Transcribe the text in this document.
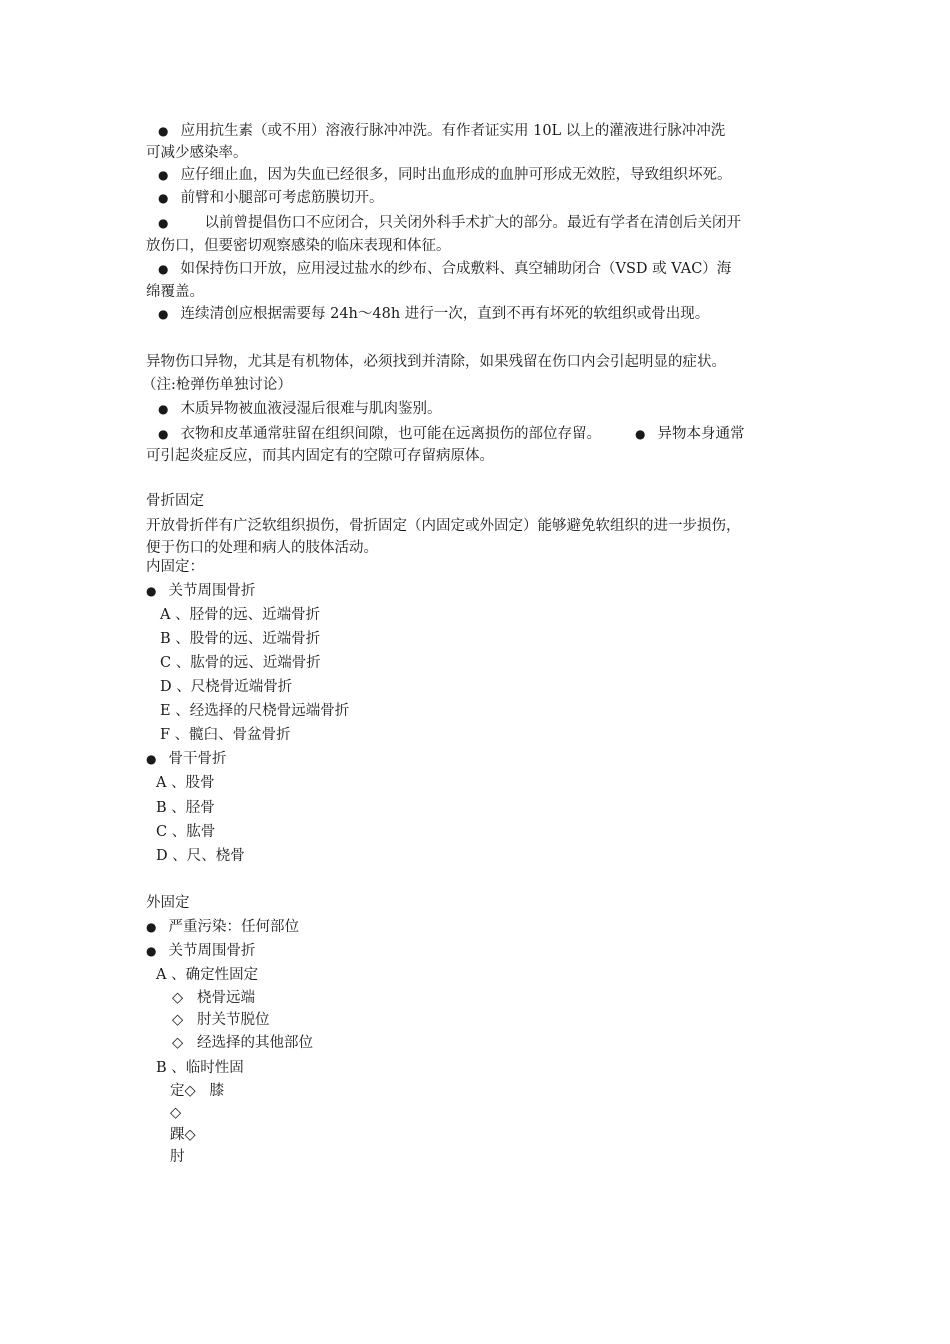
● 应用抗生素（或不用）溶液行脉冲冲洗。有作者证实用 10L 以上的灌液进行脉冲冲洗
可减少感染率。
● 应仔细止血，因为失血已经很多，同时出血形成的血肿可形成无效腔，导致组织坏死。
● 前臂和小腿部可考虑筋膜切开。
● 以前曾提倡伤口不应闭合，只关闭外科手术扩大的部分。最近有学者在清创后关闭开
放伤口，但要密切观察感染的临床表现和体征。
● 如保持伤口开放，应用浸过盐水的纱布、合成敷料、真空辅助闭合（VSD 或 VAC）海
绵覆盖。
● 连续清创应根据需要每 24h～48h 进行一次，直到不再有坏死的软组织或骨出现。
异物伤口异物，尤其是有机物体，必须找到并清除，如果残留在伤口内会引起明显的症状。
（注:枪弹伤单独讨论）
● 木质异物被血液浸湿后很难与肌肉鉴别。
● 衣物和皮革通常驻留在组织间隙，也可能在远离损伤的部位存留。●	异物本身通常
可引起炎症反应，而其内固定有的空隙可存留病原体。
骨折固定
开放骨折伴有广泛软组织损伤，骨折固定（内固定或外固定）能够避免软组织的进一步损伤，
便于伤口的处理和病人的肢体活动。
内固定：
● 关节周围骨折
A 、胫骨的远、近端骨折
B 、股骨的远、近端骨折
C 、肱骨的远、近端骨折
D 、尺桡骨近端骨折
E 、经选择的尺桡骨远端骨折
F 、髋臼、骨盆骨折
● 骨干骨折
A 、股骨
B 、胫骨
C 、肱骨
D 、尺、桡骨
外固定
● 严重污染：任何部位
● 关节周围骨折
A 、确定性固定
◇   桡骨远端
◇   肘关节脱位
◇   经选择的其他部位
B 、临时性固
定◇   膝
◇
踝◇
肘
